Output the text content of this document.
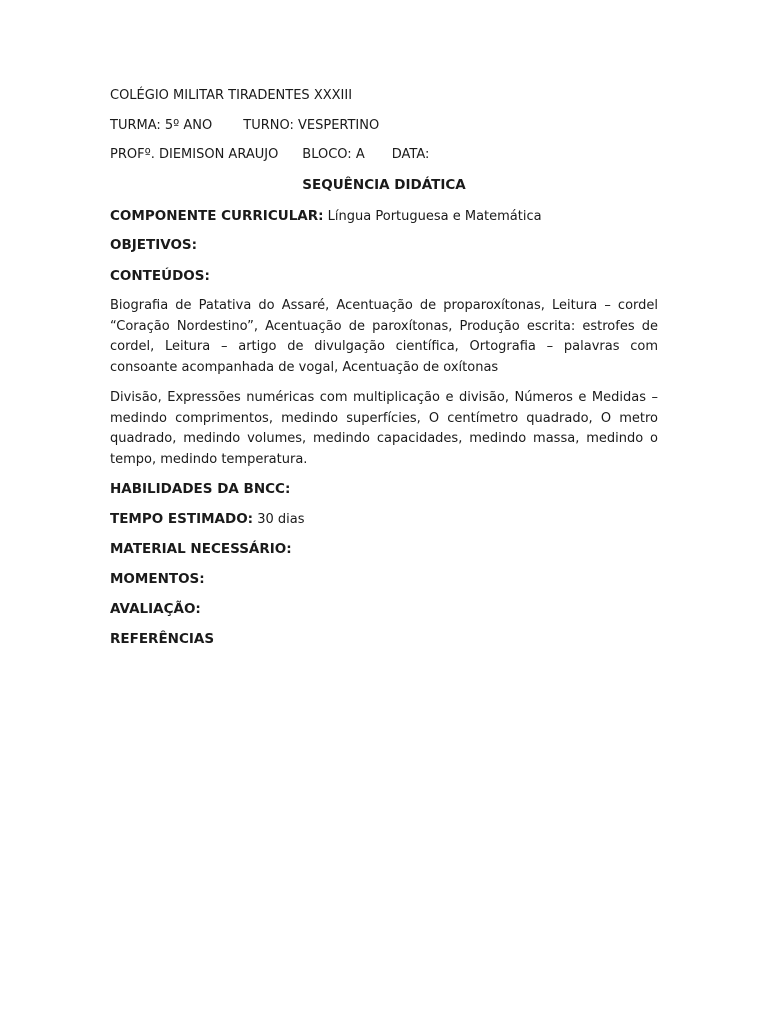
COLÉGIO MILITAR TIRADENTES XXXIII
TURMA: 5º ANO TURNO: VESPERTINO
PROFº. DIEMISON ARAUJO BLOCO: A DATA:
SEQUÊNCIA DIDÁTICA
COMPONENTE CURRICULAR: Língua Portuguesa e Matemática
OBJETIVOS:
CONTEÚDOS:

Biografia de Patativa do Assaré, Acentuação de proparoxítonas, Leitura – cordel “Coração Nordestino”, Acentuação de paroxítonas, Produção escrita: estrofes de cordel, Leitura – artigo de divulgação científica, Ortografia – palavras com consoante acompanhada de vogal, Acentuação de oxítonas

Divisão, Expressões numéricas com multiplicação e divisão, Números e Medidas – medindo comprimentos, medindo superfícies, O centímetro quadrado, O metro quadrado, medindo volumes, medindo capacidades, medindo massa, medindo o tempo, medindo temperatura.

HABILIDADES DA BNCC:
TEMPO ESTIMADO: 30 dias
MATERIAL NECESSÁRIO:
MOMENTOS:
AVALIAÇÃO:
REFERÊNCIAS
